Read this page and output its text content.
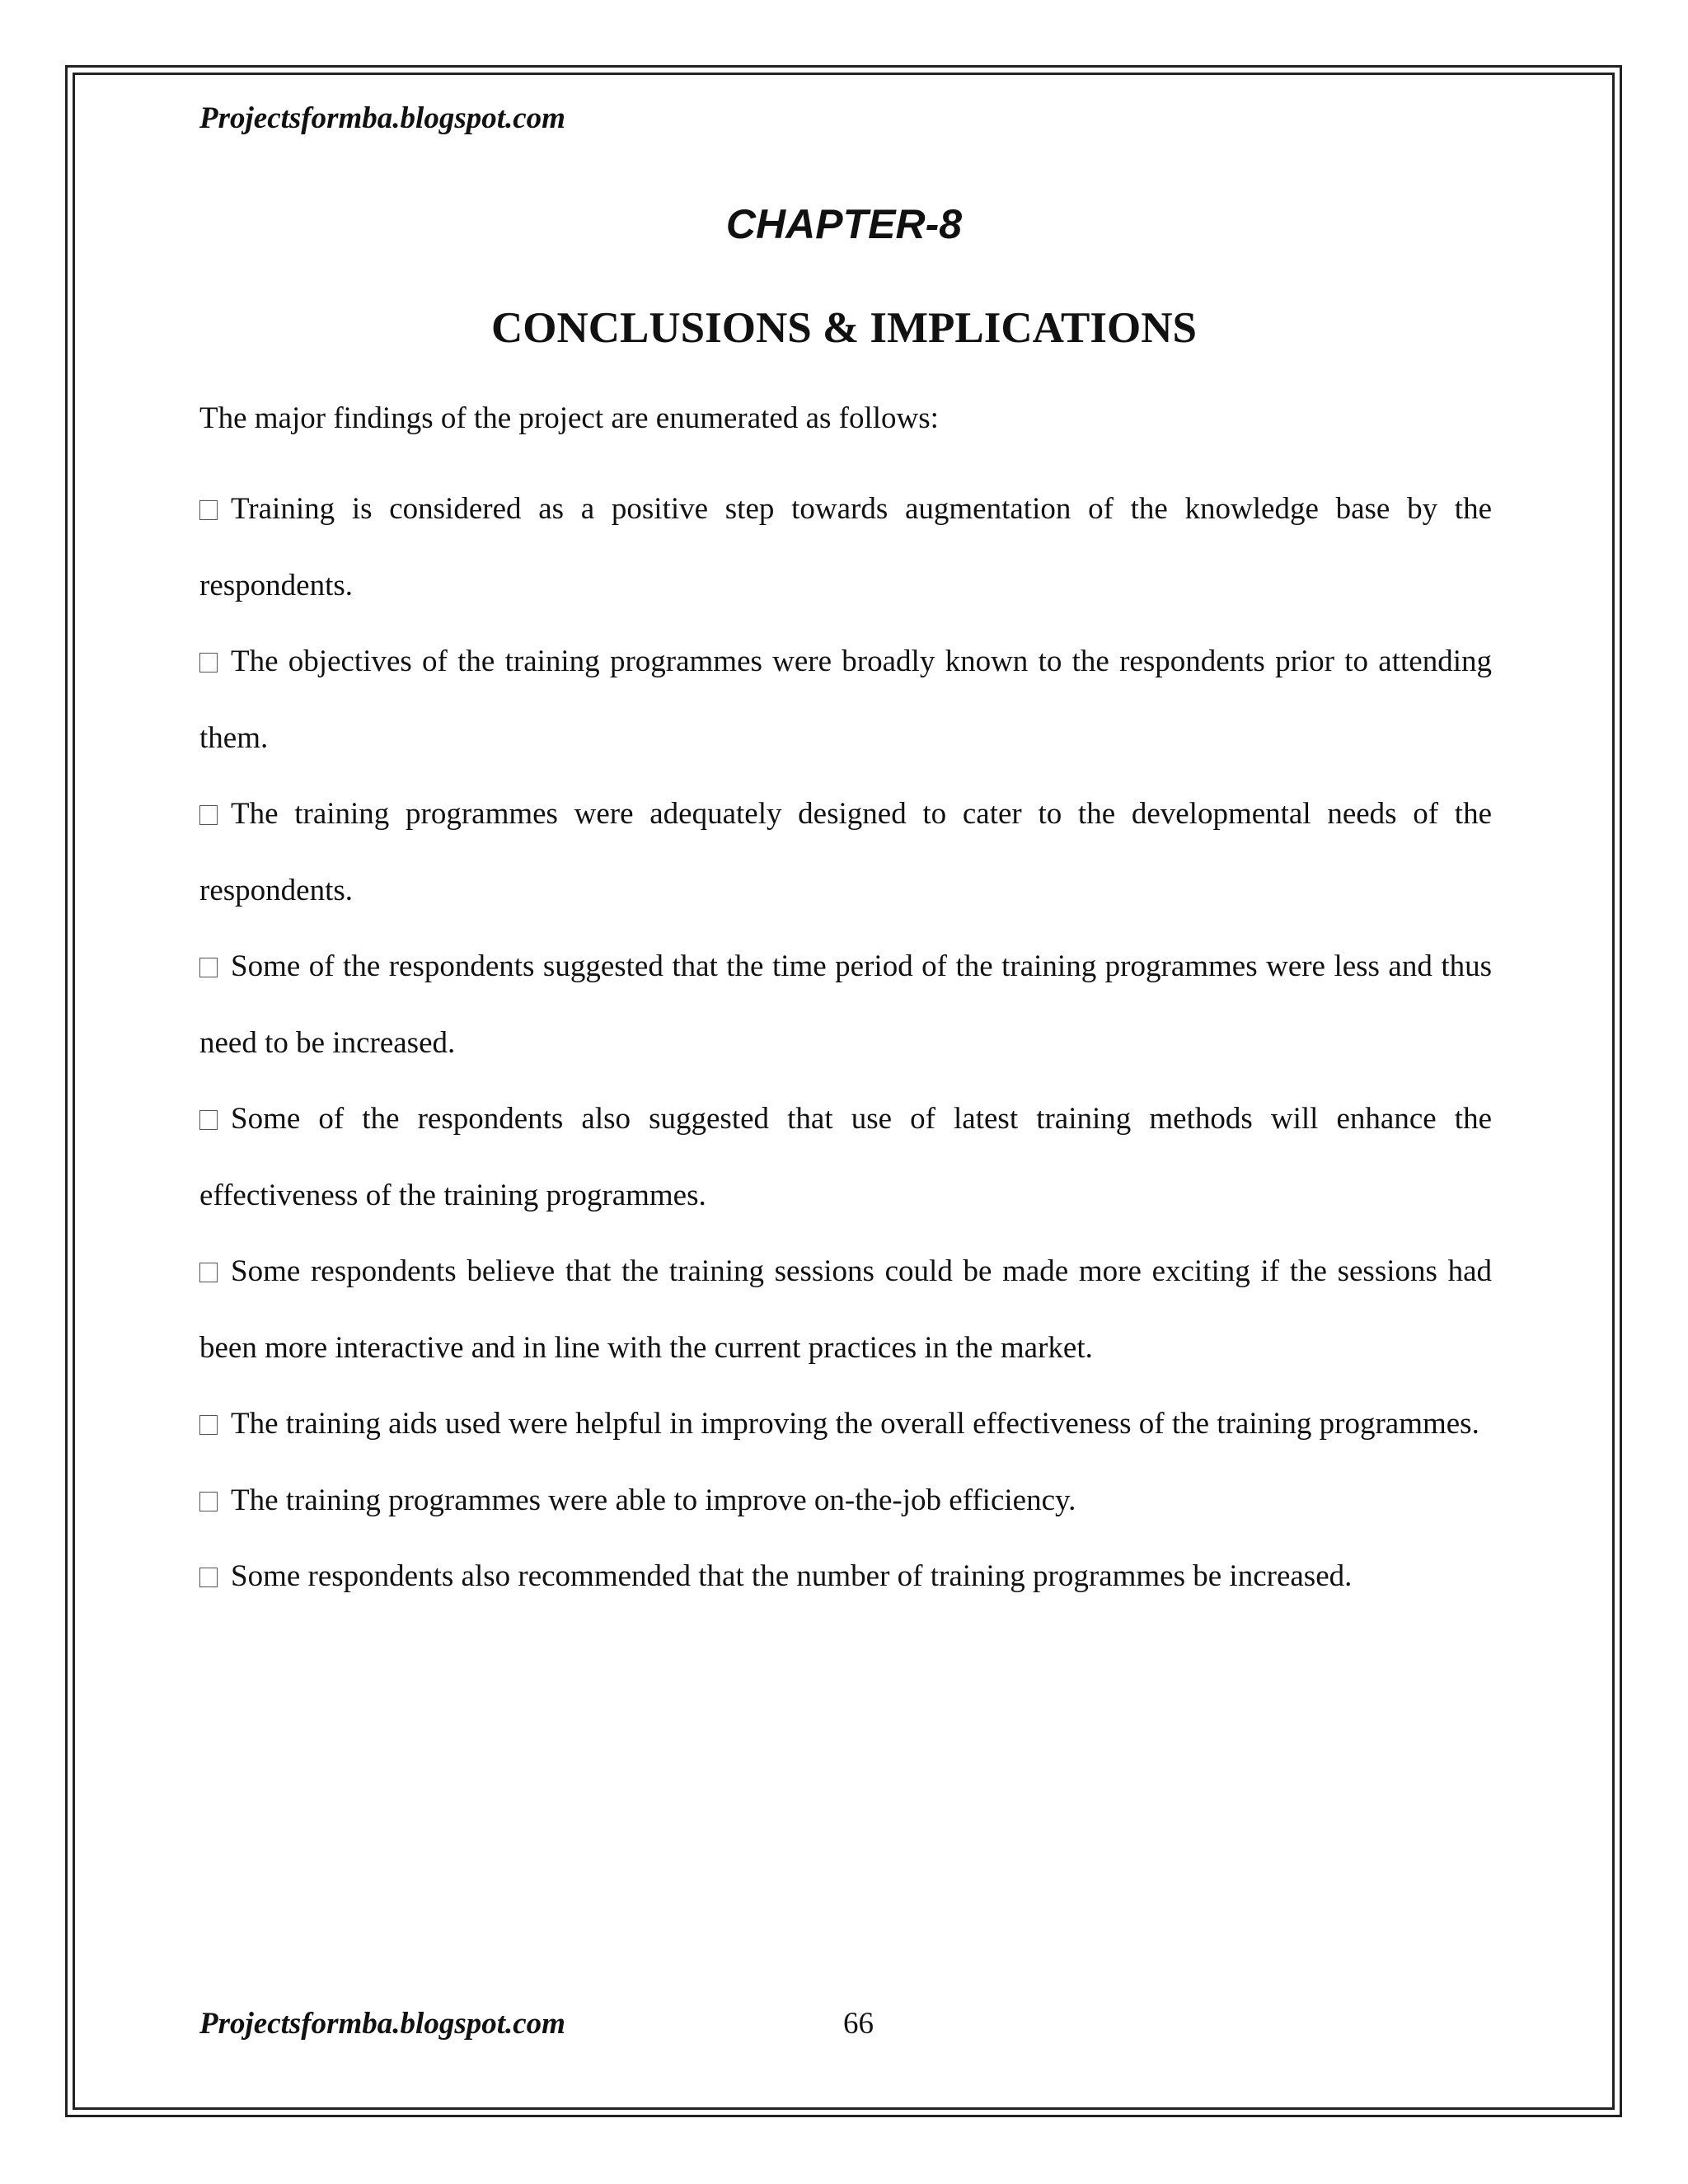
Projectsformba.blogspot.com
CHAPTER-8
CONCLUSIONS & IMPLICATIONS
The major findings of the project are enumerated as follows:
Training is considered as a positive step towards augmentation of the knowledge base by the respondents.
The objectives of the training programmes were broadly known to the respondents prior to attending them.
The training programmes were adequately designed to cater to the developmental needs of the respondents.
Some of the respondents suggested that the time period of the training programmes were less and thus need to be increased.
Some of the respondents also suggested that use of latest training methods will enhance the effectiveness of the training programmes.
Some respondents believe that the training sessions could be made more exciting if the sessions had been more interactive and in line with the current practices in the market.
The training aids used were helpful in improving the overall effectiveness of the training programmes.
The training programmes were able to improve on-the-job efficiency.
Some respondents also recommended that the number of training programmes be increased.
Projectsformba.blogspot.com	66
